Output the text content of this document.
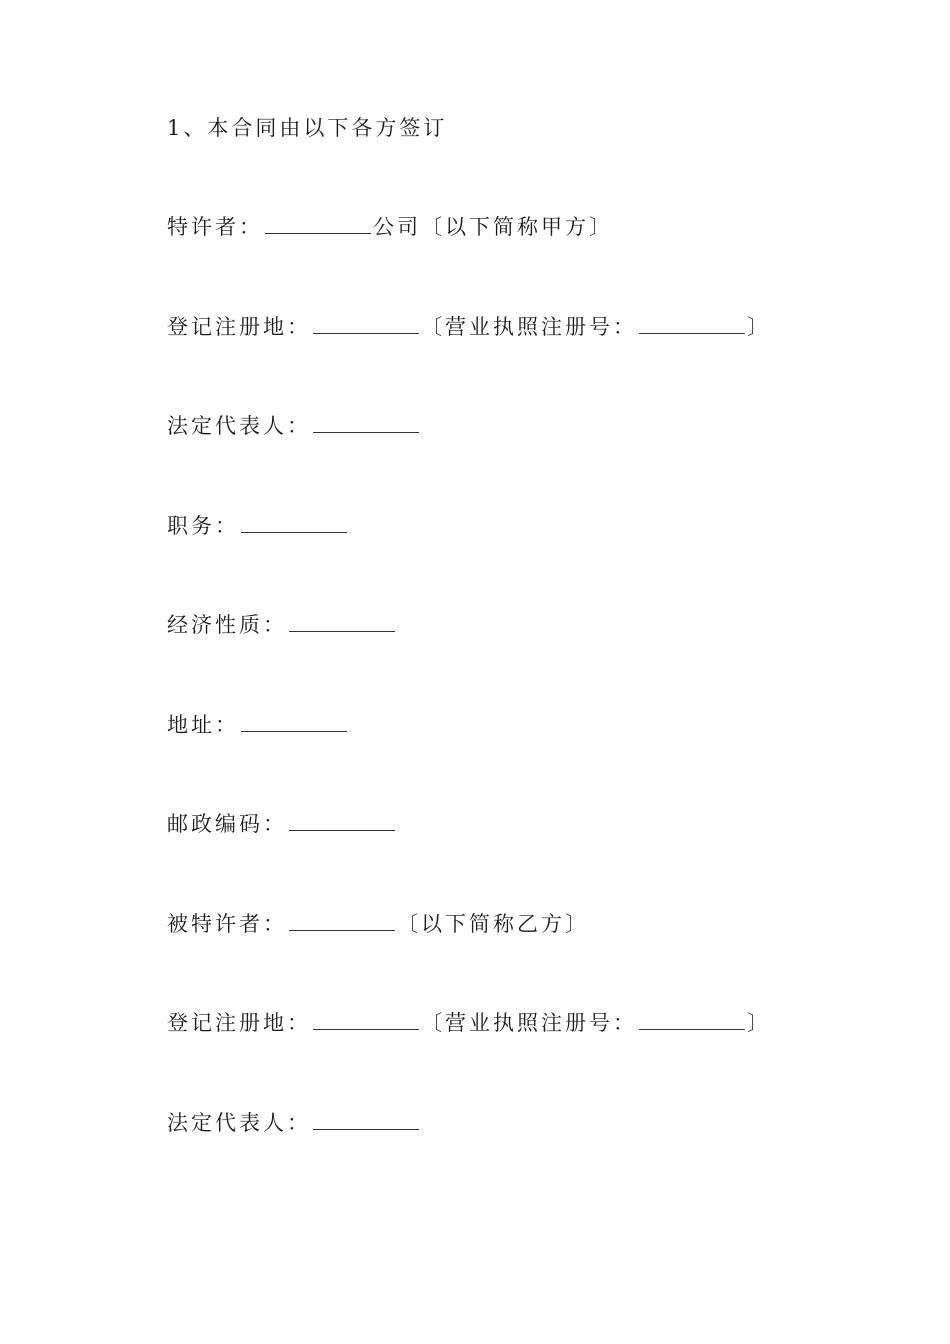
1、本合同由以下各方签订
特许者：	公司〔以下简称甲方〕
登记注册地：	〔营业执照注册号：	〕
法定代表人：
职务：
经济性质：
地址：
邮政编码：
被特许者：	〔以下简称乙方〕
登记注册地：	〔营业执照注册号：	〕
法定代表人：
